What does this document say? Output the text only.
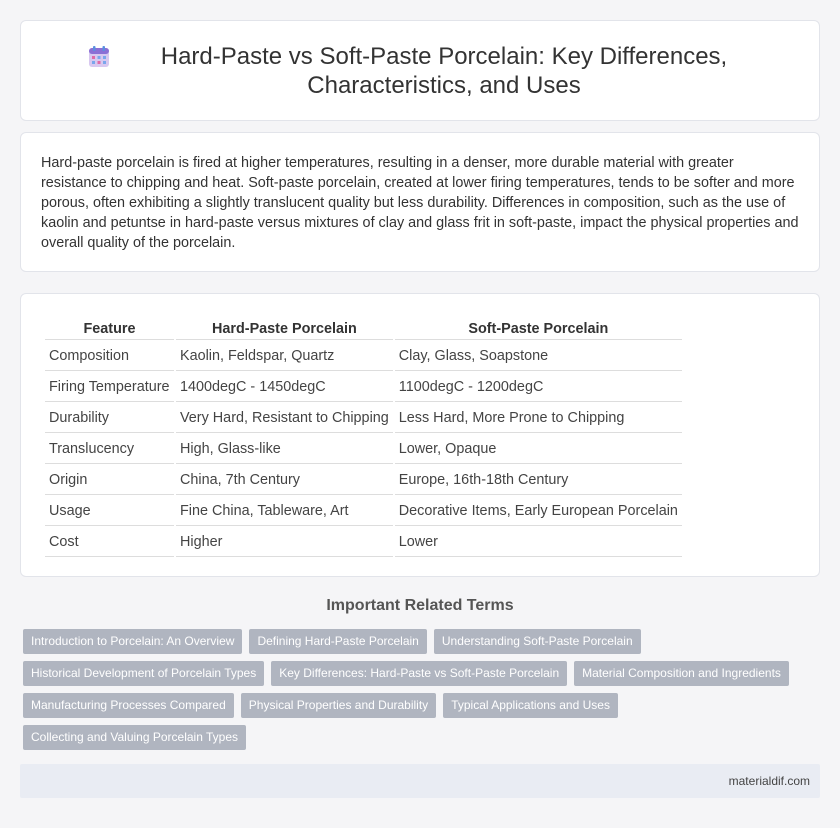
Hard-Paste vs Soft-Paste Porcelain: Key Differences, Characteristics, and Uses

Hard-paste porcelain is fired at higher temperatures, resulting in a denser, more durable material with greater resistance to chipping and heat. Soft-paste porcelain, created at lower firing temperatures, tends to be softer and more porous, often exhibiting a slightly translucent quality but less durability. Differences in composition, such as the use of kaolin and petuntse in hard-paste versus mixtures of clay and glass frit in soft-paste, impact the physical properties and overall quality of the porcelain.

Feature	Hard-Paste Porcelain	Soft-Paste Porcelain
Composition	Kaolin, Feldspar, Quartz	Clay, Glass, Soapstone
Firing Temperature	1400degC - 1450degC	1100degC - 1200degC
Durability	Very Hard, Resistant to Chipping	Less Hard, More Prone to Chipping
Translucency	High, Glass-like	Lower, Opaque
Origin	China, 7th Century	Europe, 16th-18th Century
Usage	Fine China, Tableware, Art	Decorative Items, Early European Porcelain
Cost	Higher	Lower
Important Related Terms
Introduction to Porcelain: An Overview	Defining Hard-Paste Porcelain	Understanding Soft-Paste Porcelain
Historical Development of Porcelain Types	Key Differences: Hard-Paste vs Soft-Paste Porcelain	Material Composition and Ingredients
Manufacturing Processes Compared	Physical Properties and Durability	Typical Applications and Uses
Collecting and Valuing Porcelain Types
materialdif.com
